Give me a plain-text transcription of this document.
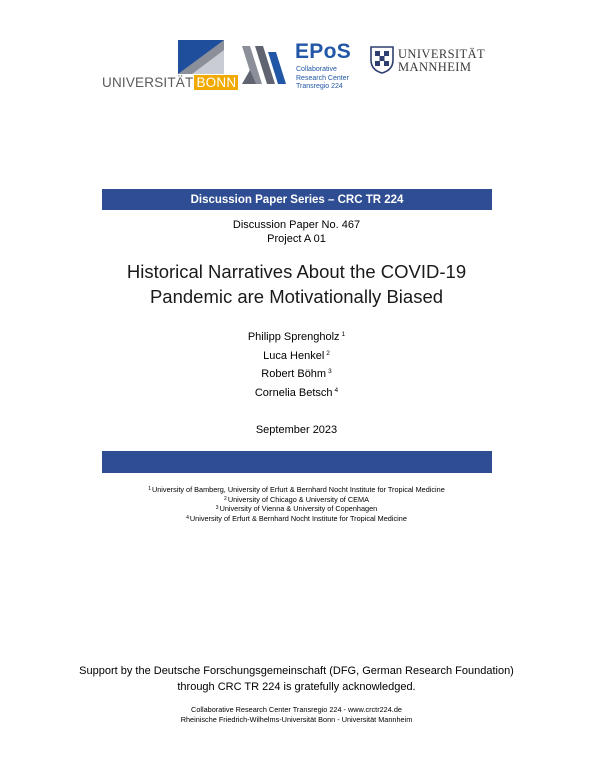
UNIVERSITÄT BONN
EPoS
Collaborative
Research Center
Transregio 224
UNIVERSITÄT
MANNHEIM
Discussion Paper Series – CRC TR 224
Discussion Paper No. 467
Project A 01
Historical Narratives About the COVID-19
Pandemic are Motivationally Biased
Philipp Sprengholz $^1$
Luca Henkel $^2$
Robert Böhm $^3$
Cornelia Betsch $^4$
September 2023
$^1$University of Bamberg, University of Erfurt & Bernhard Nocht Institute for Tropical Medicine
$^2$University of Chicago & University of CEMA
$^3$University of Vienna & University of Copenhagen
$^4$University of Erfurt & Bernhard Nocht Institute for Tropical Medicine
Support by the Deutsche Forschungsgemeinschaft (DFG, German Research Foundation)
through CRC TR 224 is gratefully acknowledged.
Collaborative Research Center Transregio 224 - www.crctr224.de
Rheinische Friedrich-Wilhelms-Universität Bonn - Universität Mannheim
